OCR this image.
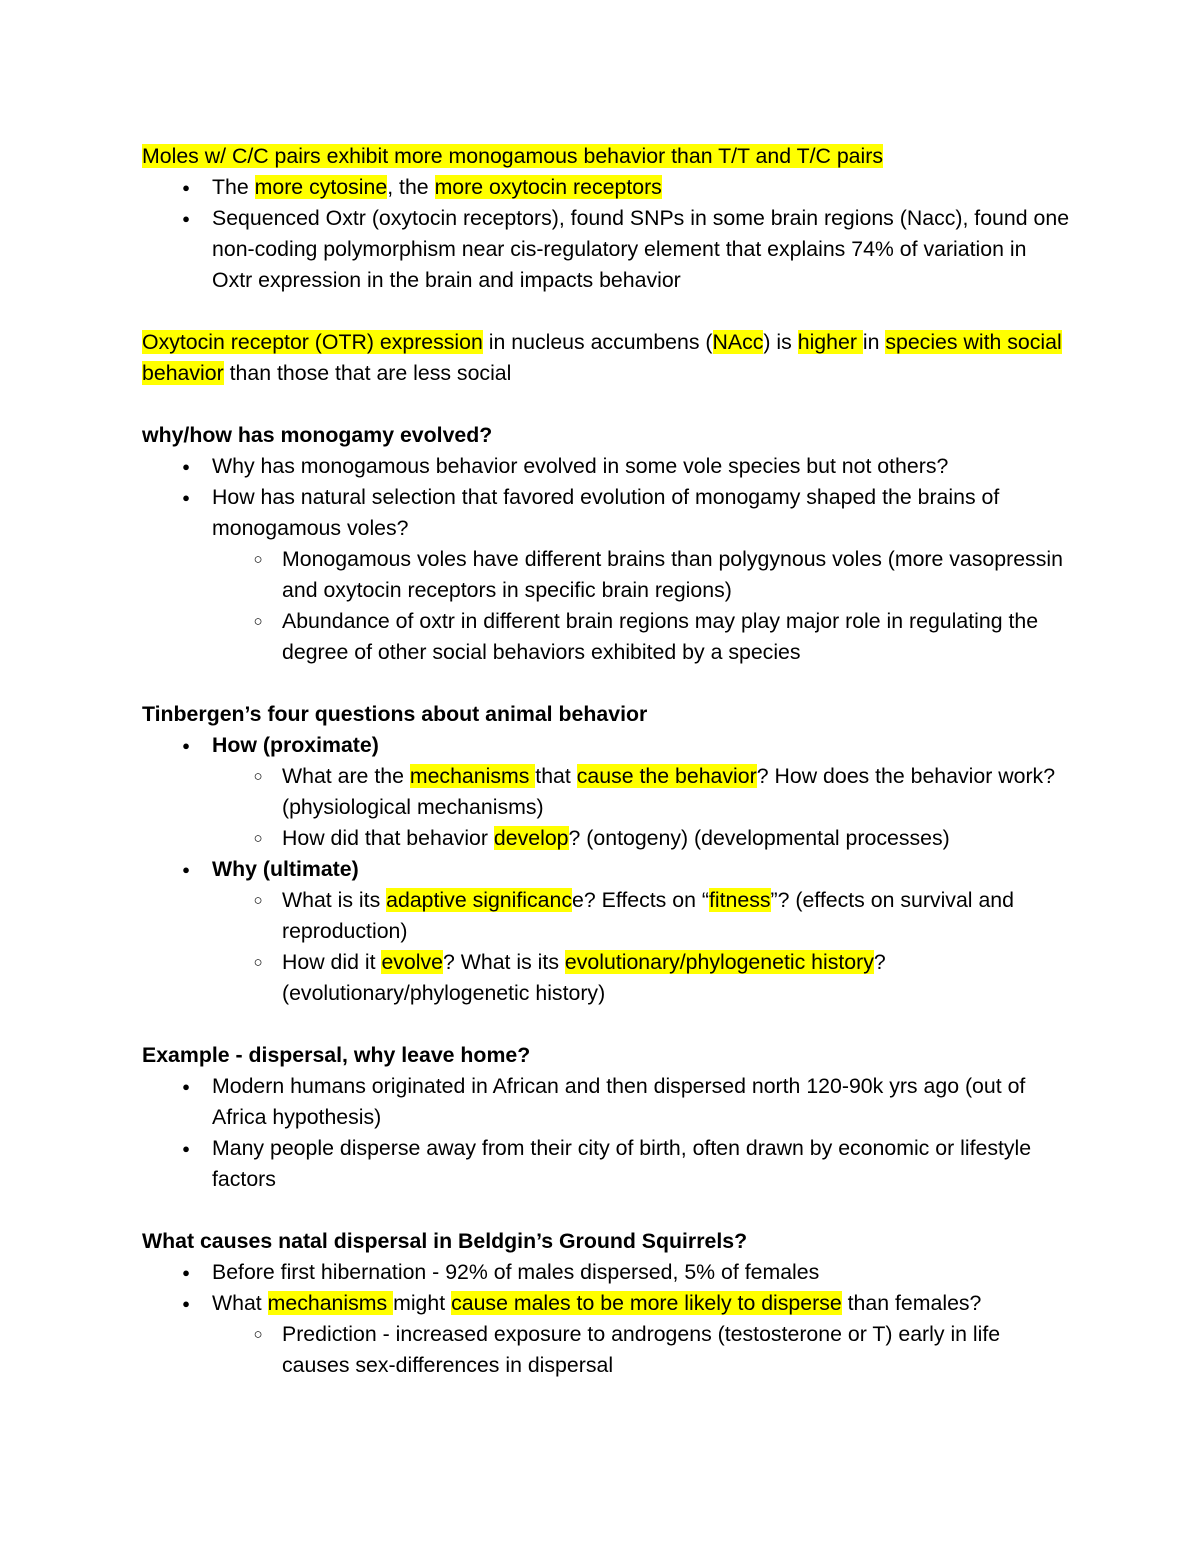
Moles w/ C/C pairs exhibit more monogamous behavior than T/T and T/C pairs
● The more cytosine, the more oxytocin receptors
● Sequenced Oxtr (oxytocin receptors), found SNPs in some brain regions (Nacc), found one non-coding polymorphism near cis-regulatory element that explains 74% of variation in Oxtr expression in the brain and impacts behavior
Oxytocin receptor (OTR) expression in nucleus accumbens (NAcc) is higher in species with social behavior than those that are less social
why/how has monogamy evolved?
● Why has monogamous behavior evolved in some vole species but not others?
● How has natural selection that favored evolution of monogamy shaped the brains of monogamous voles?
○ Monogamous voles have different brains than polygynous voles (more vasopressin and oxytocin receptors in specific brain regions)
○ Abundance of oxtr in different brain regions may play major role in regulating the degree of other social behaviors exhibited by a species
Tinbergen’s four questions about animal behavior
● How (proximate)
○ What are the mechanisms that cause the behavior? How does the behavior work? (physiological mechanisms)
○ How did that behavior develop? (ontogeny) (developmental processes)
● Why (ultimate)
○ What is its adaptive significance? Effects on “fitness”? (effects on survival and reproduction)
○ How did it evolve? What is its evolutionary/phylogenetic history? (evolutionary/phylogenetic history)
Example - dispersal, why leave home?
● Modern humans originated in African and then dispersed north 120-90k yrs ago (out of Africa hypothesis)
● Many people disperse away from their city of birth, often drawn by economic or lifestyle factors
What causes natal dispersal in Beldgin’s Ground Squirrels?
● Before first hibernation - 92% of males dispersed, 5% of females
● What mechanisms might cause males to be more likely to disperse than females?
○ Prediction - increased exposure to androgens (testosterone or T) early in life causes sex-differences in dispersal
